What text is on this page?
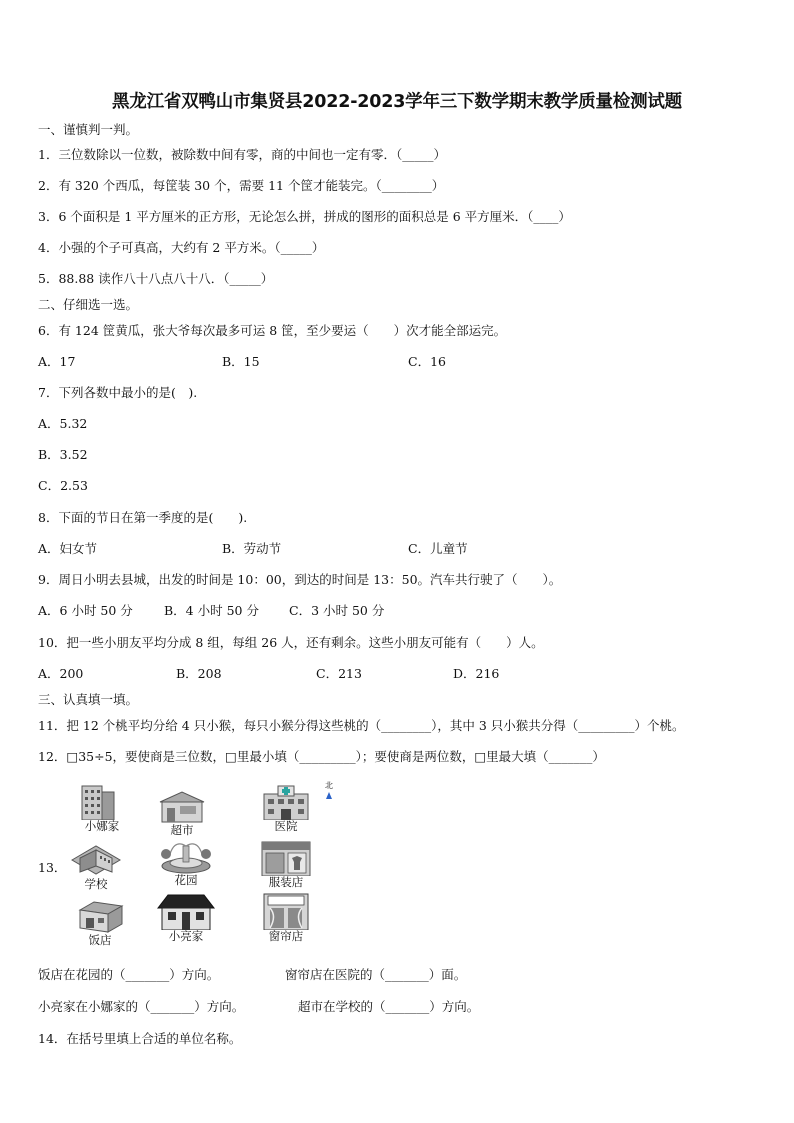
黑龙江省双鸭山市集贤县2022-2023学年三下数学期末教学质量检测试题
一、谨慎判一判。
1．三位数除以一位数，被除数中间有零，商的中间也一定有零．（_____）
2．有 320 个西瓜，每筐装 30 个，需要 11 个筐才能装完。（________）
3．6 个面积是 1 平方厘米的正方形，无论怎么拼，拼成的图形的面积总是 6 平方厘米．（____）
4．小强的个子可真高，大约有 2 平方米。（_____）
5．88.88 读作八十八点八十八．（_____）
二、仔细选一选。
6．有 124 筐黄瓜，张大爷每次最多可运 8 筐，至少要运（　　）次才能全部运完。
A．17	B．15	C．16
7．下列各数中最小的是(　).
A．5.32
B．3.52
C．2.53
8．下面的节日在第一季度的是(　　).
A．妇女节	B．劳动节	C．儿童节
9．周日小明去县城，出发的时间是 10：00，到达的时间是 13：50。汽车共行驶了（　　）。
A．6 小时 50 分 B．4 小时 50 分 C．3 小时 50 分
10．把一些小朋友平均分成 8 组，每组 26 人，还有剩余。这些小朋友可能有（　　）人。
A．200	B．208	C．213	D．216
三、认真填一填。
11．把 12 个桃平均分给 4 只小猴，每只小猴分得这些桃的（________），其中 3 只小猴共分得（_________）个桃。
12．□35÷5，要使商是三位数，□里最小填（_________）；要使商是两位数，□里最大填（_______）
13．
北
小娜家	超市	医院
学校	花园	服装店
饭店	小亮家	窗帘店
饭店在花园的（_______）方向。	窗帘店在医院的（_______）面。
小亮家在小娜家的（_______）方向。	超市在学校的（_______）方向。
14．在括号里填上合适的单位名称。
